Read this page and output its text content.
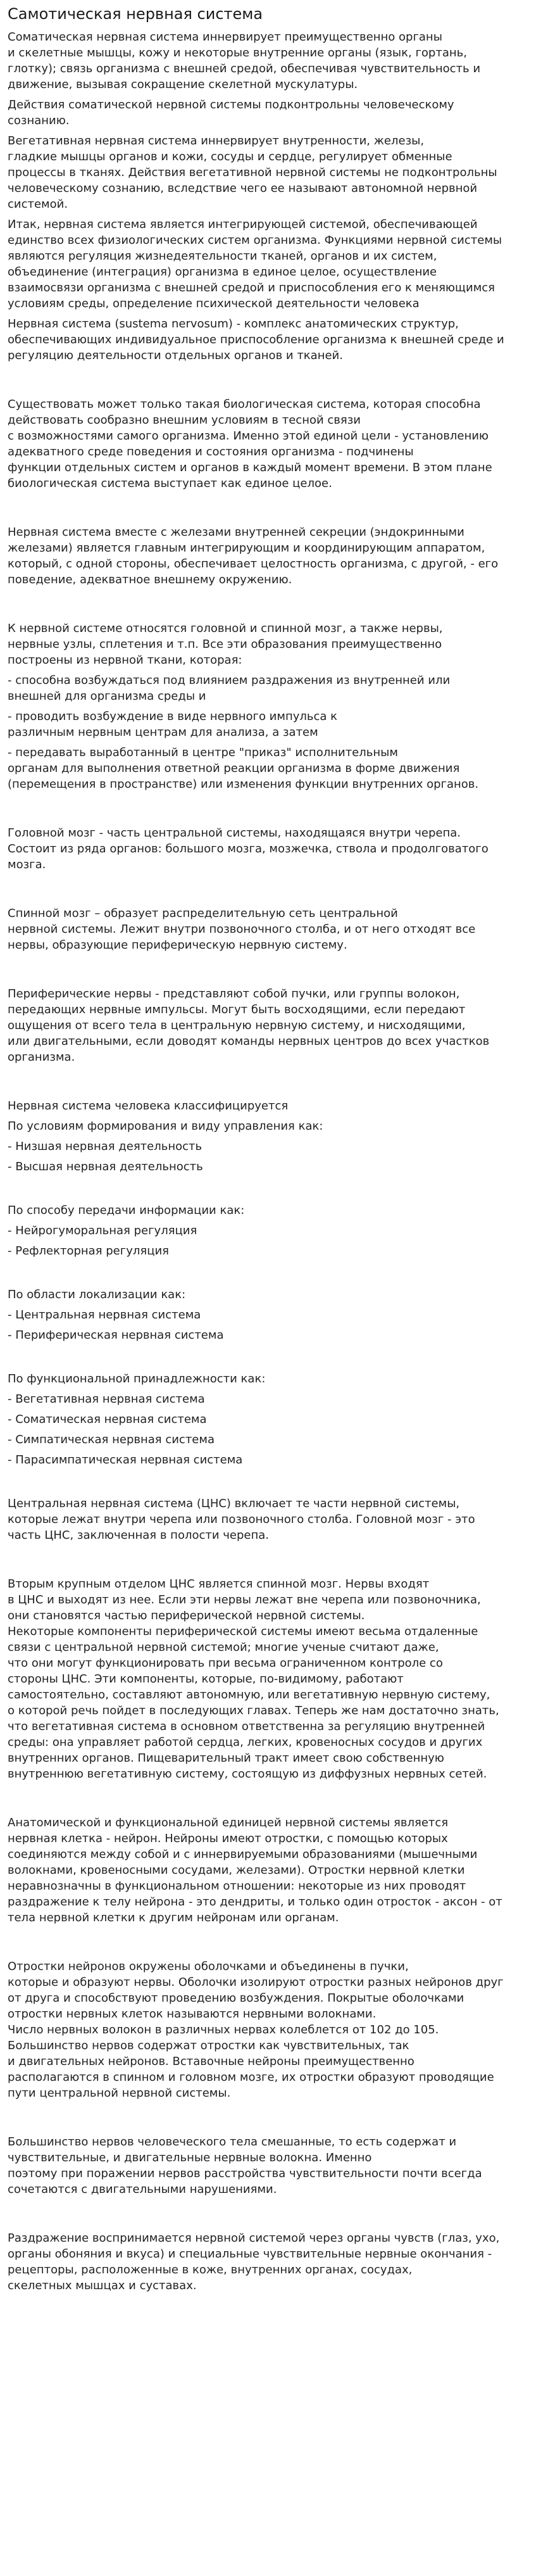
Самотическая нервная система

Соматическая нервная система иннервирует преимущественно органы
и скелетные мышцы, кожу и некоторые внутренние органы (язык, гортань,
глотку); связь организма с внешней средой, обеспечивая чувствительность и
движение, вызывая сокращение скелетной мускулатуры.

Действия соматической нервной системы подконтрольны человеческому
сознанию.

Вегетативная нервная система иннервирует внутренности, железы,
гладкие мышцы органов и кожи, сосуды и сердце, регулирует обменные
процессы в тканях. Действия вегетативной нервной системы не подконтрольны
человеческому сознанию, вследствие чего ее называют автономной нервной
системой.

Итак, нервная система является интегрирующей системой, обеспечивающей
единство всех физиологических систем организма. Функциями нервной системы
являются регуляция жизнедеятельности тканей, органов и их систем,
объединение (интеграция) организма в единое целое, осуществление
взаимосвязи организма с внешней средой и приспособления его к меняющимся
условиям среды, определение психической деятельности человека

Нервная система (sustema nervosum) - комплекс анатомических структур,
обеспечивающих индивидуальное приспособление организма к внешней среде и
регуляцию деятельности отдельных органов и тканей.

Существовать может только такая биологическая система, которая способна
действовать сообразно внешним условиям в тесной связи
с возможностями самого организма. Именно этой единой цели - установлению
адекватного среде поведения и состояния организма - подчинены
функции отдельных систем и органов в каждый момент времени. В этом плане
биологическая система выступает как единое целое.

Нервная система вместе с железами внутренней секреции (эндокринными
железами) является главным интегрирующим и координирующим аппаратом,
который, с одной стороны, обеспечивает целостность организма, с другой, - его
поведение, адекватное внешнему окружению.

К нервной системе относятся головной и спинной мозг, а также нервы,
нервные узлы, сплетения и т.п. Все эти образования преимущественно
построены из нервной ткани, которая:

- способна возбуждаться под влиянием раздражения из внутренней или
внешней для организма среды и

- проводить возбуждение в виде нервного импульса к
различным нервным центрам для анализа, а затем

- передавать выработанный в центре "приказ" исполнительным
органам для выполнения ответной реакции организма в форме движения
(перемещения в пространстве) или изменения функции внутренних органов.

Головной мозг - часть центральной системы, находящаяся внутри черепа.
Состоит из ряда органов: большого мозга, мозжечка, ствола и продолговатого
мозга.

Спинной мозг – образует распределительную сеть центральной
нервной системы. Лежит внутри позвоночного столба, и от него отходят все
нервы, образующие периферическую нервную систему.

Периферические нервы - представляют собой пучки, или группы волокон,
передающих нервные импульсы. Могут быть восходящими, если передают
ощущения от всего тела в центральную нервную систему, и нисходящими,
или двигательными, если доводят команды нервных центров до всех участков
организма.

Нервная система человека классифицируется

По условиям формирования и виду управления как:

- Низшая нервная деятельность

- Высшая нервная деятельность

По способу передачи информации как:

- Нейрогуморальная регуляция

- Рефлекторная регуляция

По области локализации как:

- Центральная нервная система

- Периферическая нервная система

По функциональной принадлежности как:

- Вегетативная нервная система

- Соматическая нервная система

- Симпатическая нервная система

- Парасимпатическая нервная система

Центральная нервная система (ЦНС) включает те части нервной системы,
которые лежат внутри черепа или позвоночного столба. Головной мозг - это
часть ЦНС, заключенная в полости черепа.

Вторым крупным отделом ЦНС является спинной мозг. Нервы входят
в ЦНС и выходят из нее. Если эти нервы лежат вне черепа или позвоночника,
они становятся частью периферической нервной системы.
Некоторые компоненты периферической системы имеют весьма отдаленные
связи с центральной нервной системой; многие ученые считают даже,
что они могут функционировать при весьма ограниченном контроле со
стороны ЦНС. Эти компоненты, которые, по-видимому, работают
самостоятельно, составляют автономную, или вегетативную нервную систему,
о которой речь пойдет в последующих главах. Теперь же нам достаточно знать,
что вегетативная система в основном ответственна за регуляцию внутренней
среды: она управляет работой сердца, легких, кровеносных сосудов и других
внутренних органов. Пищеварительный тракт имеет свою собственную
внутреннюю вегетативную систему, состоящую из диффузных нервных сетей.

Анатомической и функциональной единицей нервной системы является
нервная клетка - нейрон. Нейроны имеют отростки, с помощью которых
соединяются между собой и с иннервируемыми образованиями (мышечными
волокнами, кровеносными сосудами, железами). Отростки нервной клетки
неравнозначны в функциональном отношении: некоторые из них проводят
раздражение к телу нейрона - это дендриты, и только один отросток - аксон - от
тела нервной клетки к другим нейронам или органам.

Отростки нейронов окружены оболочками и объединены в пучки,
которые и образуют нервы. Оболочки изолируют отростки разных нейронов друг
от друга и способствуют проведению возбуждения. Покрытые оболочками
отростки нервных клеток называются нервными волокнами.
Число нервных волокон в различных нервах колеблется от 102 до 105.
Большинство нервов содержат отростки как чувствительных, так
и двигательных нейронов. Вставочные нейроны преимущественно
располагаются в спинном и головном мозге, их отростки образуют проводящие
пути центральной нервной системы.

Большинство нервов человеческого тела смешанные, то есть содержат и
чувствительные, и двигательные нервные волокна. Именно
поэтому при поражении нервов расстройства чувствительности почти всегда
сочетаются с двигательными нарушениями.

Раздражение воспринимается нервной системой через органы чувств (глаз, ухо,
органы обоняния и вкуса) и специальные чувствительные нервные окончания -
рецепторы, расположенные в коже, внутренних органах, сосудах,
скелетных мышцах и суставах.
